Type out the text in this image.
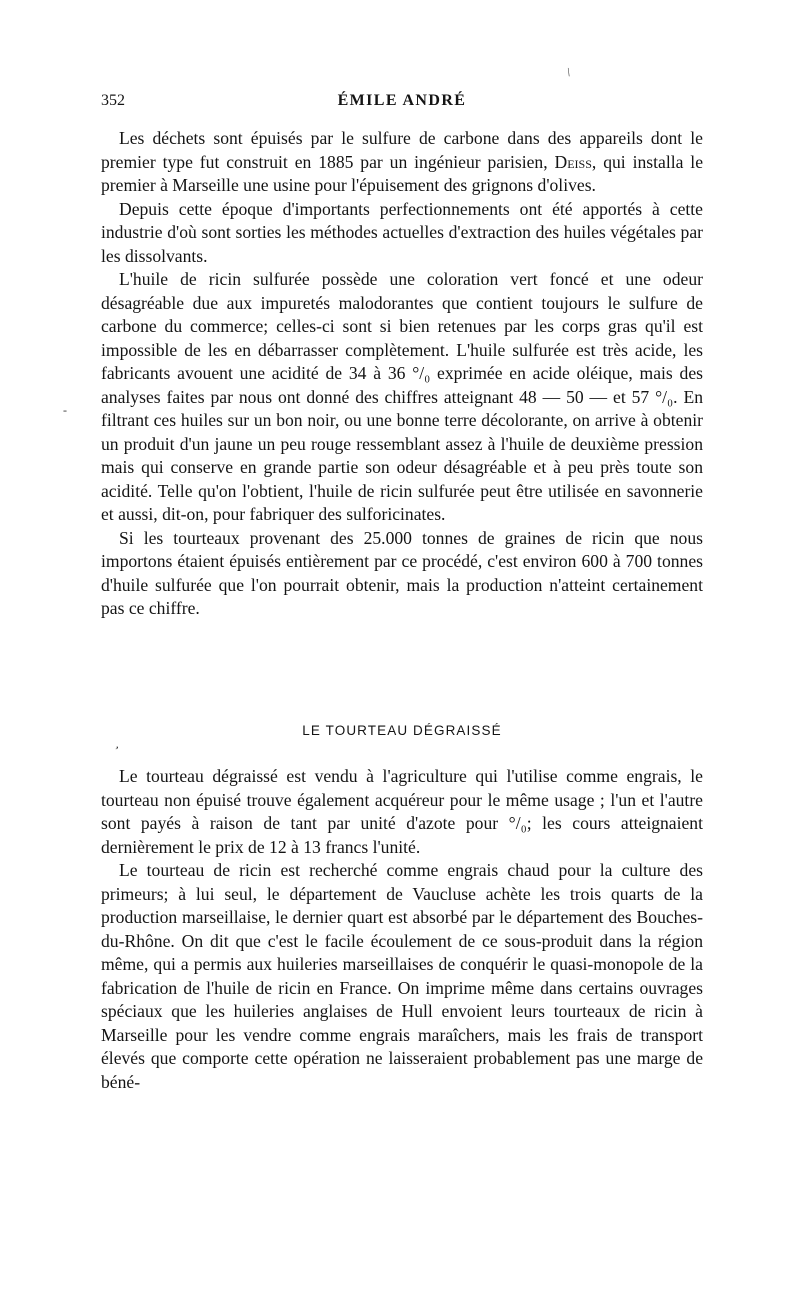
\
-
,
352	ÉMILE ANDRÉ

Les déchets sont épuisés par le sulfure de carbone dans des appareils dont le premier type fut construit en 1885 par un ingénieur parisien, Deiss, qui installa le premier à Marseille une usine pour l'épuisement des grignons d'olives.

Depuis cette époque d'importants perfectionnements ont été apportés à cette industrie d'où sont sorties les méthodes actuelles d'extraction des huiles végétales par les dissolvants.

L'huile de ricin sulfurée possède une coloration vert foncé et une odeur désagréable due aux impuretés malodorantes que contient toujours le sulfure de carbone du commerce; celles-ci sont si bien retenues par les corps gras qu'il est impossible de les en débarrasser complètement. L'huile sulfurée est très acide, les fabricants avouent une acidité de 34 à 36 °/₀ exprimée en acide oléique, mais des analyses faites par nous ont donné des chiffres atteignant 48 — 50 — et 57 °/₀. En filtrant ces huiles sur un bon noir, ou une bonne terre décolorante, on arrive à obtenir un produit d'un jaune un peu rouge ressemblant assez à l'huile de deuxième pression mais qui conserve en grande partie son odeur désagréable et à peu près toute son acidité. Telle qu'on l'obtient, l'huile de ricin sulfurée peut être utilisée en savonnerie et aussi, dit-on, pour fabriquer des sulforicinates.

Si les tourteaux provenant des 25.000 tonnes de graines de ricin que nous importons étaient épuisés entièrement par ce procédé, c'est environ 600 à 700 tonnes d'huile sulfurée que l'on pourrait obtenir, mais la production n'atteint certainement pas ce chiffre.

LE TOURTEAU DÉGRAISSÉ

Le tourteau dégraissé est vendu à l'agriculture qui l'utilise comme engrais, le tourteau non épuisé trouve également acquéreur pour le même usage ; l'un et l'autre sont payés à raison de tant par unité d'azote pour °/₀; les cours atteignaient dernièrement le prix de 12 à 13 francs l'unité.

Le tourteau de ricin est recherché comme engrais chaud pour la culture des primeurs; à lui seul, le département de Vaucluse achète les trois quarts de la production marseillaise, le dernier quart est absorbé par le département des Bouches-du-Rhône. On dit que c'est le facile écoulement de ce sous-produit dans la région même, qui a permis aux huileries marseillaises de conquérir le quasi-monopole de la fabrication de l'huile de ricin en France. On imprime même dans certains ouvrages spéciaux que les huileries anglaises de Hull envoient leurs tourteaux de ricin à Marseille pour les vendre comme engrais maraîchers, mais les frais de transport élevés que comporte cette opération ne laisseraient probablement pas une marge de béné-
